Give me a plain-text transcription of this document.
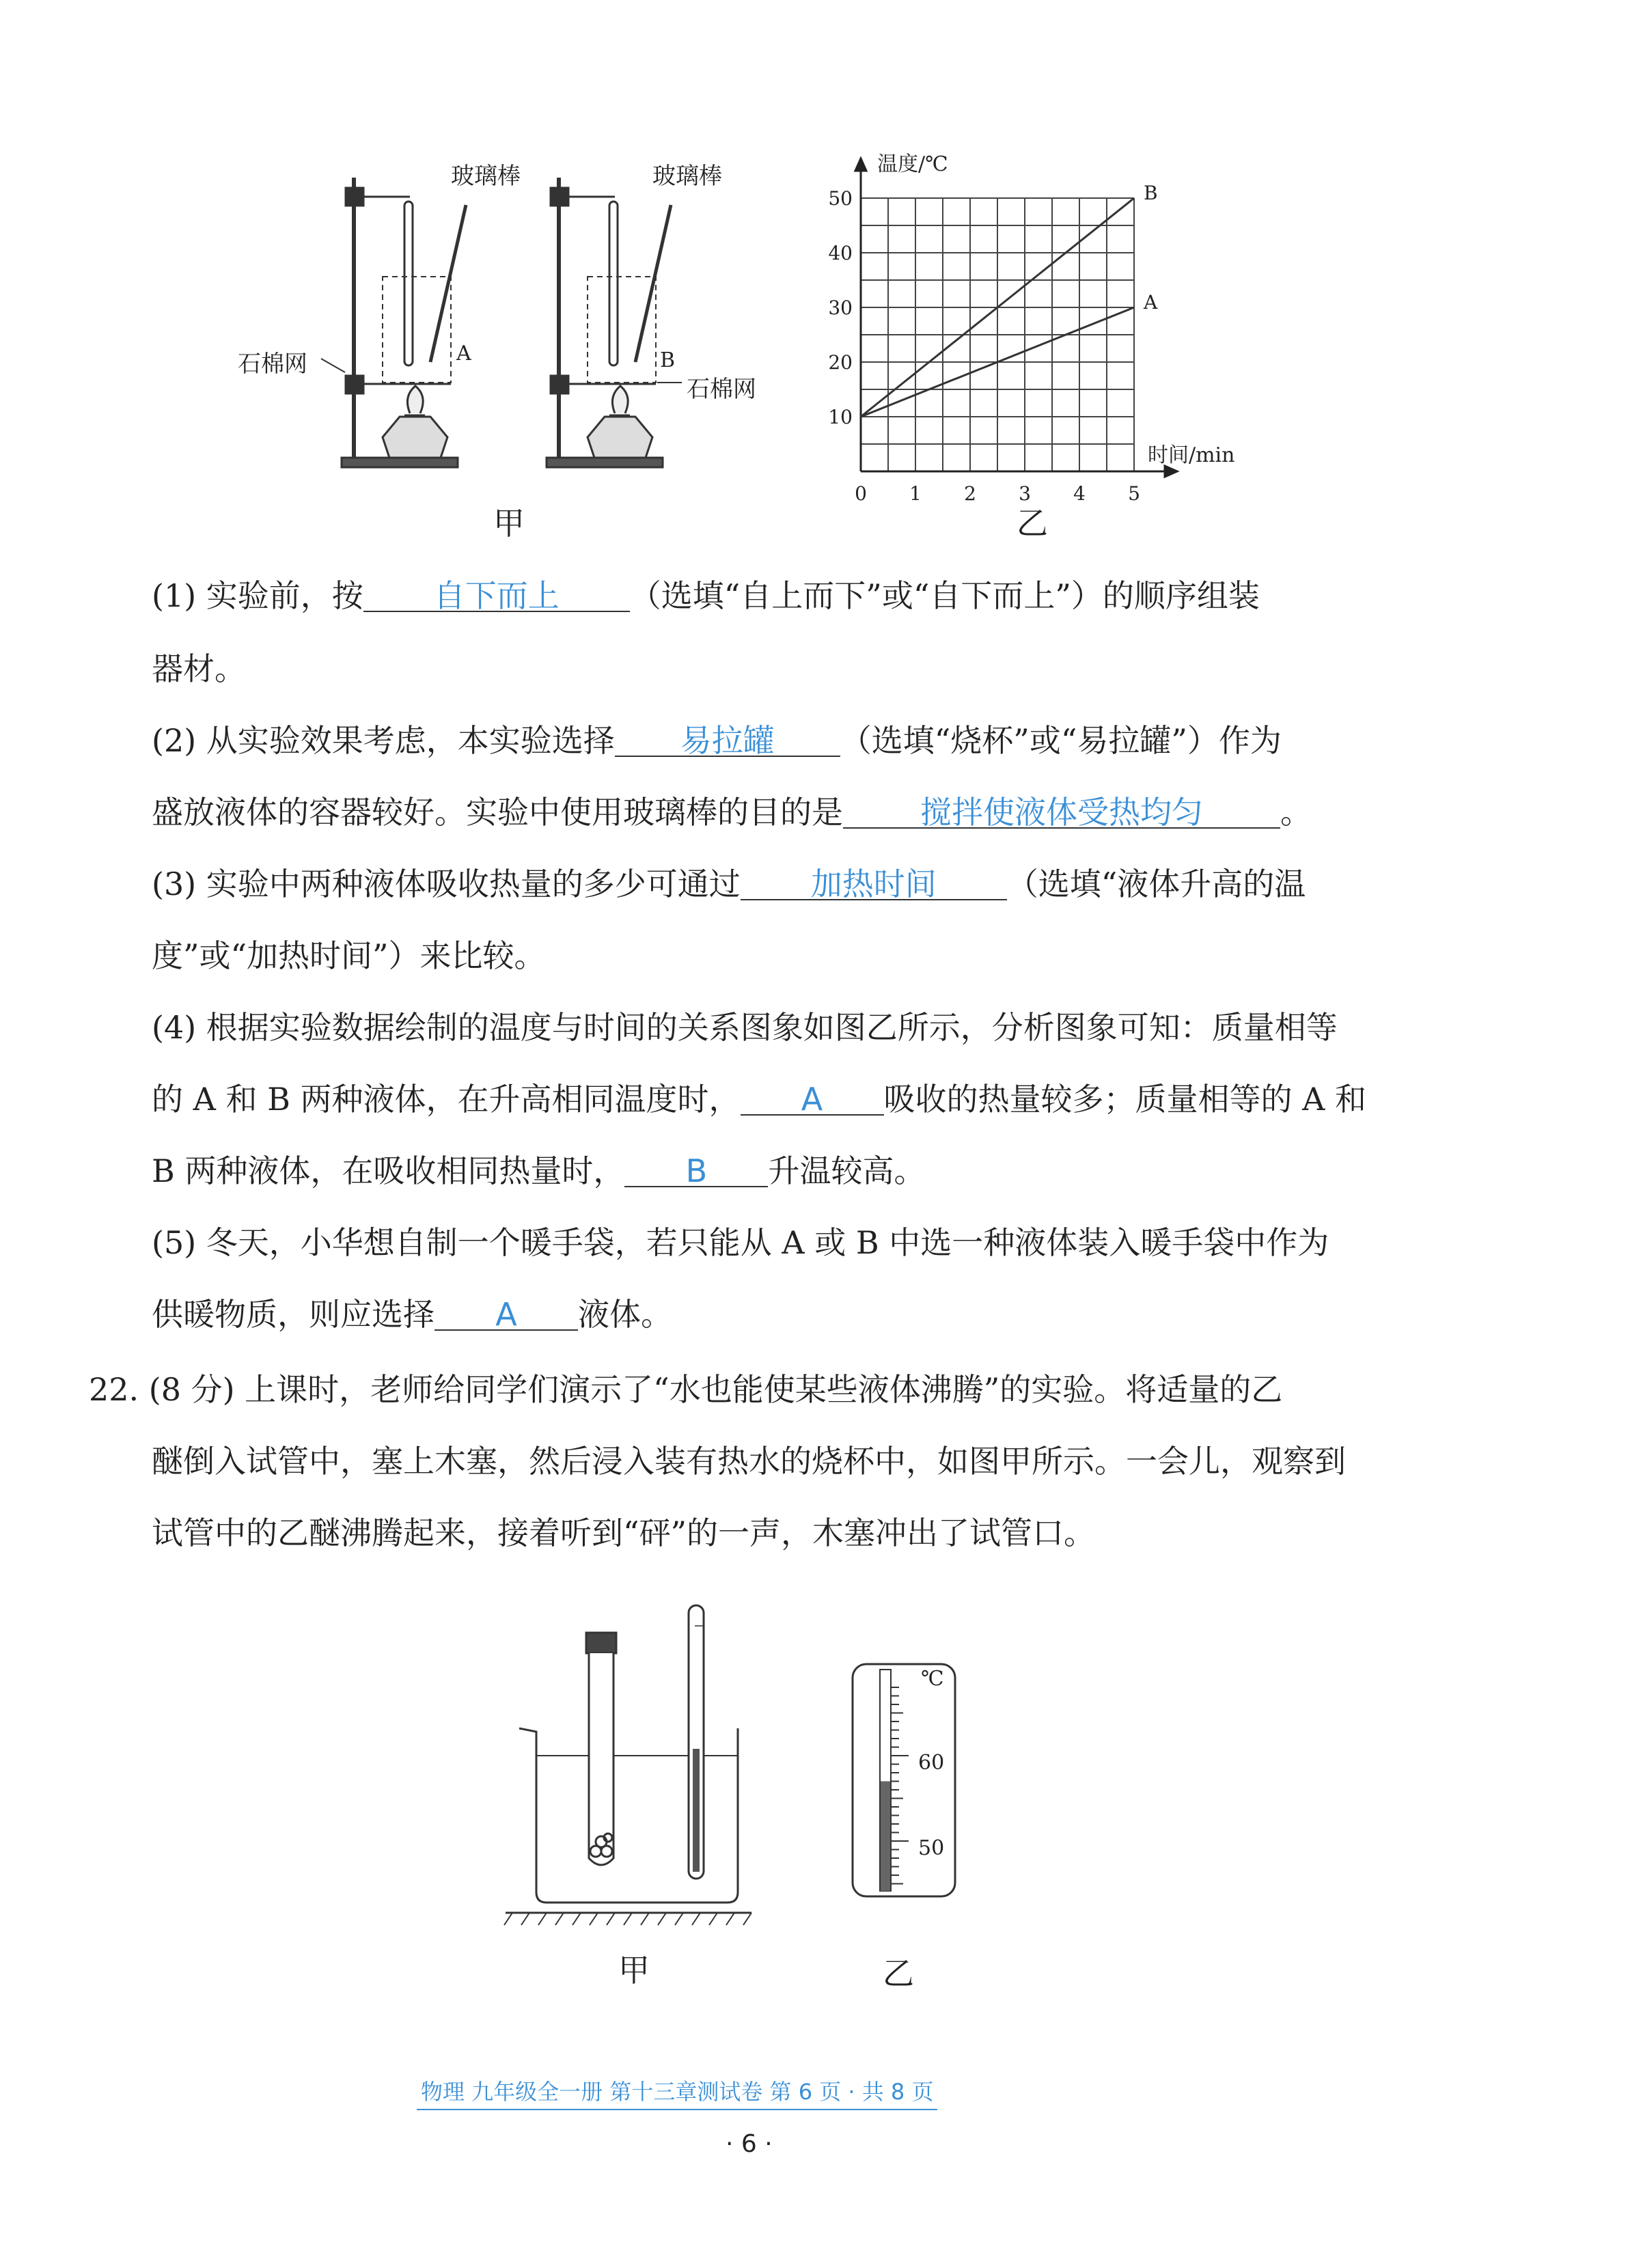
玻璃棒	玻璃棒
石棉网
石棉网
A	B
甲
B
A
0 1 2 3 4 5
10
20
30
40
50
温度/℃
时间/min
乙
(1) 实验前，按 自下而上 （选填“自上而下”或“自下而上”）的顺序组装
器材。
(2) 从实验效果考虑，本实验选择 易拉罐 （选填“烧杯”或“易拉罐”）作为
盛放液体的容器较好。实验中使用玻璃棒的目的是 搅拌使液体受热均匀 。
(3) 实验中两种液体吸收热量的多少可通过 加热时间 （选填“液体升高的温
度”或“加热时间”）来比较。
(4) 根据实验数据绘制的温度与时间的关系图象如图乙所示，分析图象可知：质量相等
的 A 和 B 两种液体，在升高相同温度时， A 吸收的热量较多；质量相等的 A 和
B 两种液体，在吸收相同热量时， B 升温较高。
(5) 冬天，小华想自制一个暖手袋，若只能从 A 或 B 中选一种液体装入暖手袋中作为
供暖物质，则应选择 A 液体。
22. (8 分) 上课时，老师给同学们演示了“水也能使某些液体沸腾”的实验。将适量的乙
醚倒入试管中，塞上木塞，然后浸入装有热水的烧杯中，如图甲所示。一会儿，观察到
试管中的乙醚沸腾起来，接着听到“砰”的一声，木塞冲出了试管口。
甲
℃
60
50
乙
物理 九年级全一册 第十三章测试卷 第 6 页 · 共 8 页
· 6 ·
